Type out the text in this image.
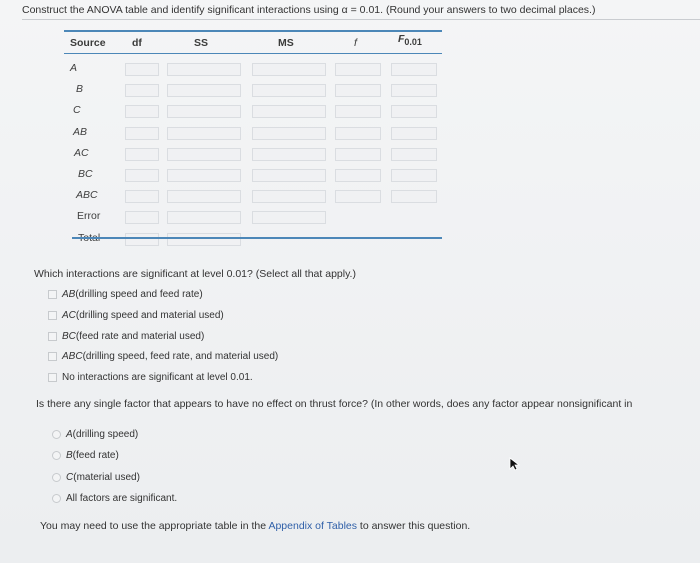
Construct the ANOVA table and identify significant interactions using α = 0.01. (Round your answers to two decimal places.)
Source	df	SS	MS	f	$F_{0.01}$
A
B
C
AB
AC
BC
ABC
Error
Total
Which interactions are significant at level 0.01? (Select all that apply.)
AB (drilling speed and feed rate)
AC (drilling speed and material used)
BC (feed rate and material used)
ABC (drilling speed, feed rate, and material used)
No interactions are significant at level 0.01.
Is there any single factor that appears to have no effect on thrust force? (In other words, does any factor appear nonsignificant in
A (drilling speed)
B (feed rate)
C (material used)
All factors are significant.
You may need to use the appropriate table in the Appendix of Tables to answer this question.
